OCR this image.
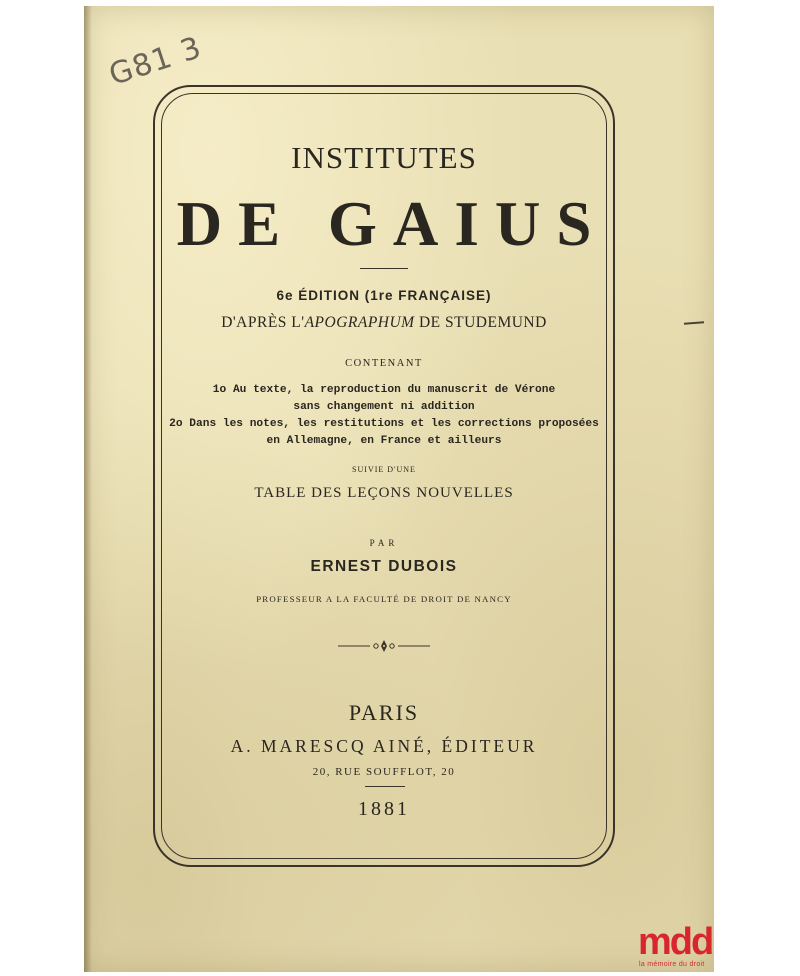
G81 3
INSTITUTES
DE GAIUS
6e ÉDITION (1re FRANÇAISE)
D'APRÈS L'APOGRAPHUM DE STUDEMUND
CONTENANT
1o Au texte, la reproduction du manuscrit de Vérone
sans changement ni addition
2o Dans les notes, les restitutions et les corrections proposées
en Allemagne, en France et ailleurs
SUIVIE D'UNE
TABLE DES LEÇONS NOUVELLES
PAR
ERNEST DUBOIS
PROFESSEUR A LA FACULTÉ DE DROIT DE NANCY
PARIS
A. MARESCQ AINÉ, ÉDITEUR
20, RUE SOUFFLOT, 20
1881
mdd
la mémoire du droit
